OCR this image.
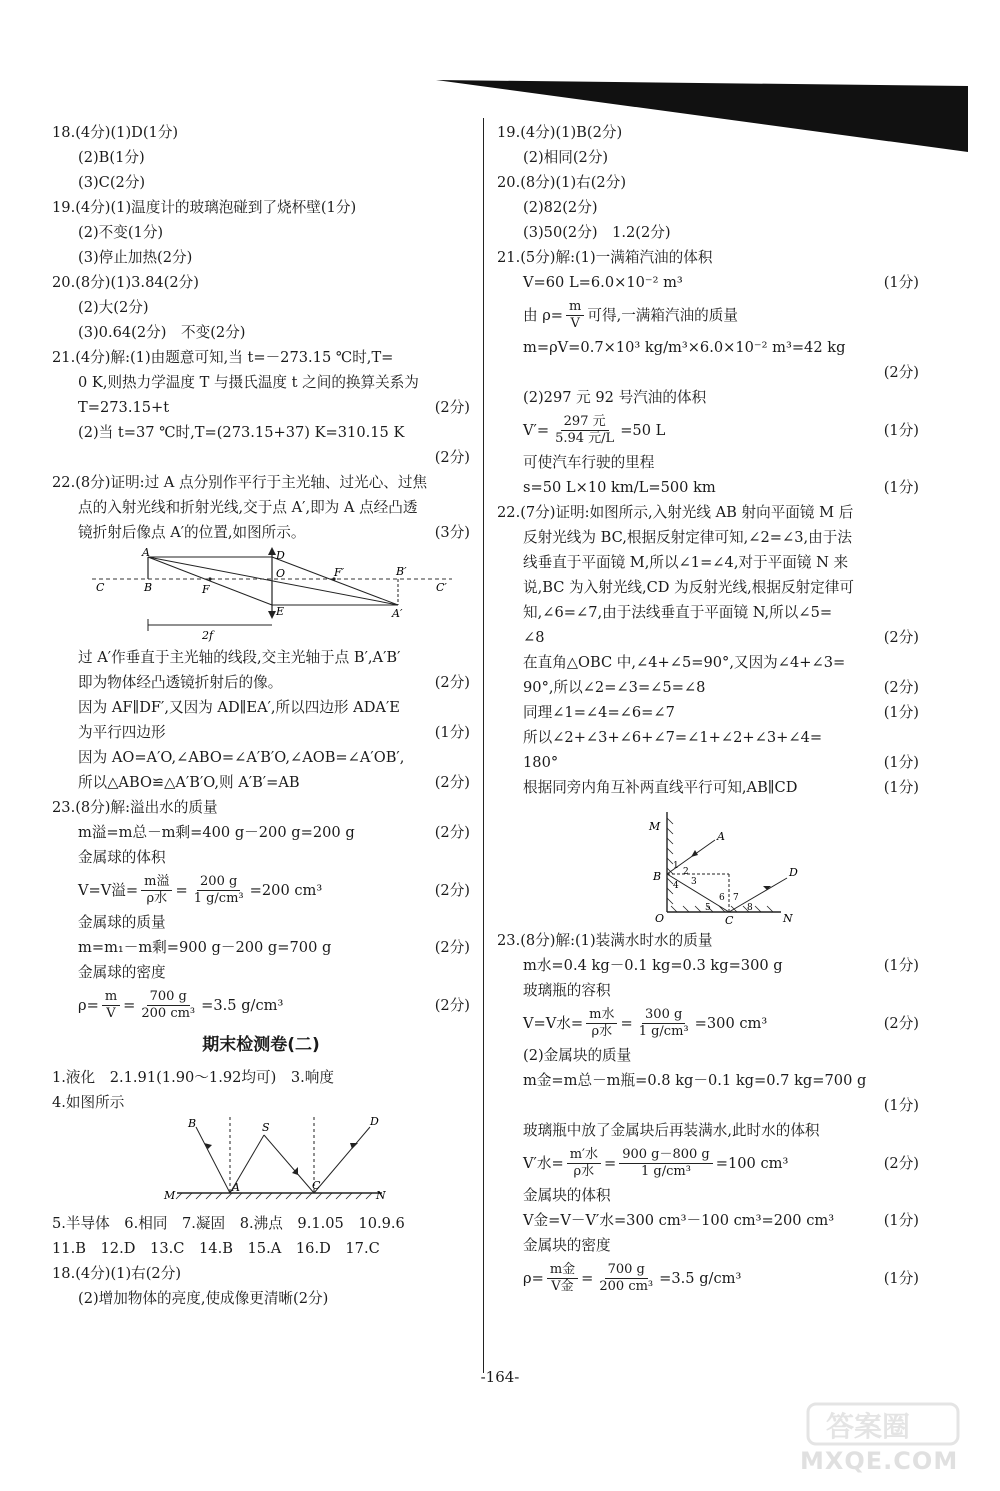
18.(4分)(1)D(1分)
(2)B(1分)
(3)C(2分)
19.(4分)(1)温度计的玻璃泡碰到了烧杯壁(1分)
(2)不变(1分)
(3)停止加热(2分)
20.(8分)(1)3.84(2分)
(2)大(2分)
(3)0.64(2分)　不变(2分)
21.(4分)解:(1)由题意可知,当 t=－273.15 ℃时,T=
0 K,则热力学温度 T 与摄氏温度 t 之间的换算关系为
T=273.15+t	(2分)
(2)当 t=37 ℃时,T=(273.15+37) K=310.15 K
(2分)
22.(8分)证明:过 A 点分别作平行于主光轴、过光心、过焦
点的入射光线和折射光线,交于点 A′,即为 A 点经凸透
镜折射后像点 A′的位置,如图所示。	(3分)
A	D
F′	B′
C	B	F
O
C′
E	A′
2f
过 A′作垂直于主光轴的线段,交主光轴于点 B′,A′B′
即为物体经凸透镜折射后的像。	(2分)
因为 AF∥DF′,又因为 AD∥EA′,所以四边形 ADA′E
为平行四边形	(1分)
因为 AO=A′O,∠ABO=∠A′B′O,∠AOB=∠A′OB′,
所以△ABO≌△A′B′O,则 A′B′=AB	(2分)
23.(8分)解:溢出水的质量
m溢=m总－m剩=400 g－200 g=200 g	(2分)
金属球的体积
V=V溢= $\frac{\text{m溢}}{\text{ρ水}} = \frac{200 g}{\text{1 g/cm³}} =200$ cm³	(2分)
金属球的质量
m=m₁－m剩=900 g－200 g=700 g	(2分)
金属球的密度
$\rho= \frac{m}{V} = \frac{700 g}{\text{200 cm³}} =3.5$ g/cm³	(2分)
期末检测卷(二)
1.液化　2.1.91(1.90～1.92均可)　3.响度
4.如图所示
B	S	D
M
A	C
N
5.半导体　6.相同　7.凝固　8.沸点　9.1.05　10.9.6
11.B　12.D　13.C　14.B　15.A　16.D　17.C
18.(4分)(1)右(2分)
(2)增加物体的亮度,使成像更清晰(2分)
19.(4分)(1)B(2分)
(2)相同(2分)
20.(8分)(1)右(2分)
(2)82(2分)
(3)50(2分)　1.2(2分)
21.(5分)解:(1)一满箱汽油的体积
V=60 L=6.0×10⁻² m³	(1分)
由 $\rho= \frac{m}{V}$ 可得,一满箱汽油的质量
m=ρV=0.7×10³ kg/m³×6.0×10⁻² m³=42 kg
(2分)
(2)297 元 92 号汽油的体积
$V'= \frac{\text{297 元}}{\text{5.94 元/L}} =50$ L	(1分)
可使汽车行驶的里程
s=50 L×10 km/L=500 km	(1分)
22.(7分)证明:如图所示,入射光线 AB 射向平面镜 M 后
反射光线为 BC,根据反射定律可知,∠2=∠3,由于法
线垂直于平面镜 M,所以∠1=∠4,对于平面镜 N 来
说,BC 为入射光线,CD 为反射光线,根据反射定律可
知,∠6=∠7,由于法线垂直于平面镜 N,所以∠5=
∠8	(2分)
在直角△OBC 中,∠4+∠5=90°,又因为∠4+∠3=
90°,所以∠2=∠3=∠5=∠8	(2分)
同理∠1=∠4=∠6=∠7	(1分)
所以∠2+∠3+∠6+∠7=∠1+∠2+∠3+∠4=
180°	(1分)
根据同旁内角互补两直线平行可知,AB∥CD	(1分)
M
A
1
2
B
4 3
D
6 7
5	8
O	C	N
23.(8分)解:(1)装满水时水的质量
m水=0.4 kg－0.1 kg=0.3 kg=300 g	(1分)
玻璃瓶的容积
V=V水= $\frac{\text{m水}}{\text{ρ水}} = \frac{300 g}{\text{1 g/cm³}} =300$ cm³	(2分)
(2)金属块的质量
m金=m总－m瓶=0.8 kg－0.1 kg=0.7 kg=700 g
(1分)
玻璃瓶中放了金属块后再装满水,此时水的体积
V′水= $\frac{\text{m′水}}{\text{ρ水}} = \frac{900 g-800 g}{\text{1 g/cm³}} =100$ cm³	(2分)
金属块的体积
V金=V－V′水=300 cm³－100 cm³=200 cm³	(1分)
金属块的密度
$\rho= \frac{\text{m金}}{\text{V金}} = \frac{700 g}{\text{200 cm³}} =3.5$ g/cm³	(1分)
-164-
答案圈
MXQE.COM
